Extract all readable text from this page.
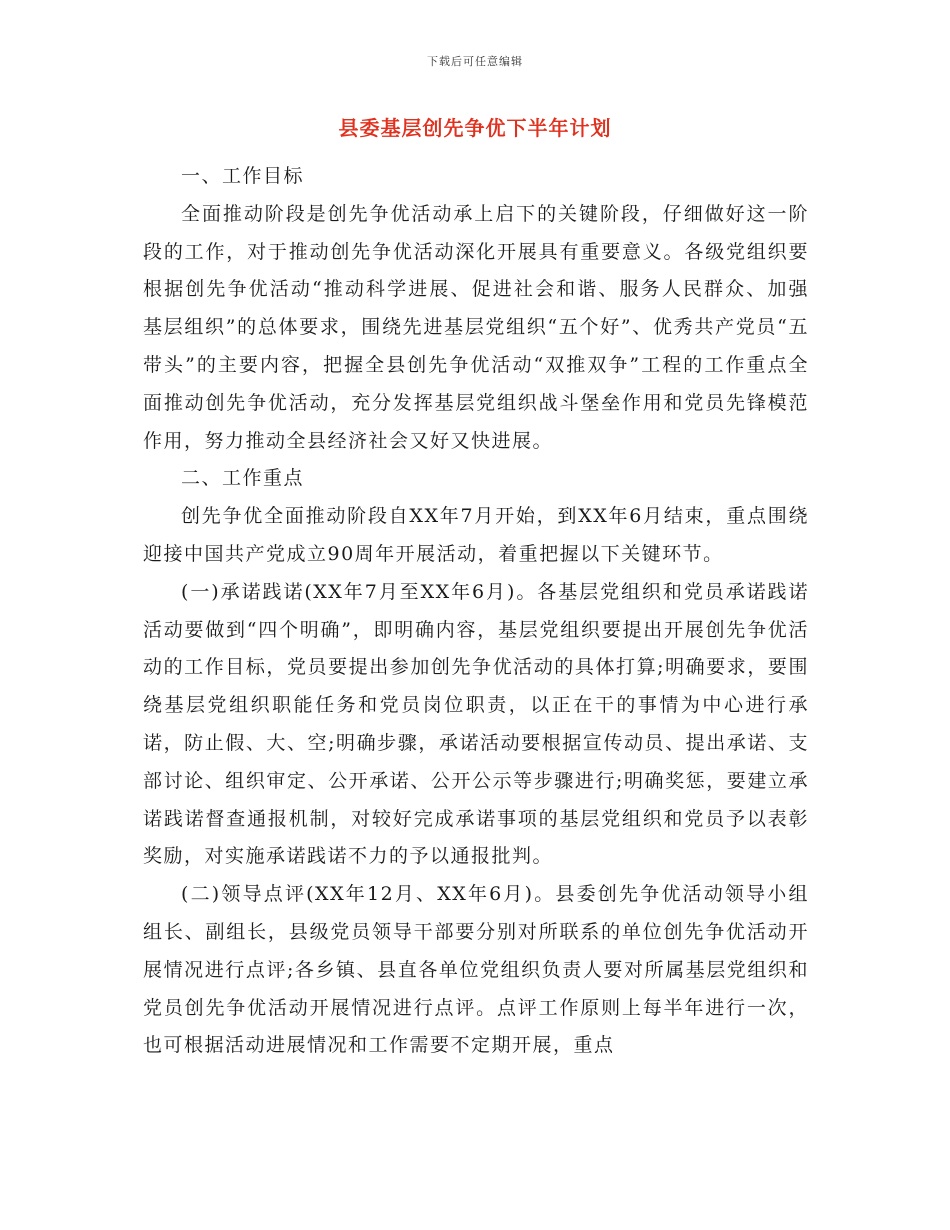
下载后可任意编辑
县委基层创先争优下半年计划

一、工作目标

全面推动阶段是创先争优活动承上启下的关键阶段，仔细做好这一阶段的工作，对于推动创先争优活动深化开展具有重要意义。各级党组织要根据创先争优活动“推动科学进展、促进社会和谐、服务人民群众、加强基层组织”的总体要求，围绕先进基层党组织“五个好”、优秀共产党员“五带头”的主要内容，把握全县创先争优活动“双推双争”工程的工作重点全面推动创先争优活动，充分发挥基层党组织战斗堡垒作用和党员先锋模范作用，努力推动全县经济社会又好又快进展。

二、工作重点

创先争优全面推动阶段自XX年7月开始，到XX年6月结束，重点围绕迎接中国共产党成立90周年开展活动，着重把握以下关键环节。

(一)承诺践诺(XX年7月至XX年6月)。各基层党组织和党员承诺践诺活动要做到“四个明确”，即明确内容，基层党组织要提出开展创先争优活动的工作目标，党员要提出参加创先争优活动的具体打算;明确要求，要围绕基层党组织职能任务和党员岗位职责，以正在干的事情为中心进行承诺，防止假、大、空;明确步骤，承诺活动要根据宣传动员、提出承诺、支部讨论、组织审定、公开承诺、公开公示等步骤进行;明确奖惩，要建立承诺践诺督查通报机制，对较好完成承诺事项的基层党组织和党员予以表彰奖励，对实施承诺践诺不力的予以通报批判。

(二)领导点评(XX年12月、XX年6月)。县委创先争优活动领导小组组长、副组长，县级党员领导干部要分别对所联系的单位创先争优活动开展情况进行点评;各乡镇、县直各单位党组织负责人要对所属基层党组织和党员创先争优活动开展情况进行点评。点评工作原则上每半年进行一次，也可根据活动进展情况和工作需要不定期开展，重点
